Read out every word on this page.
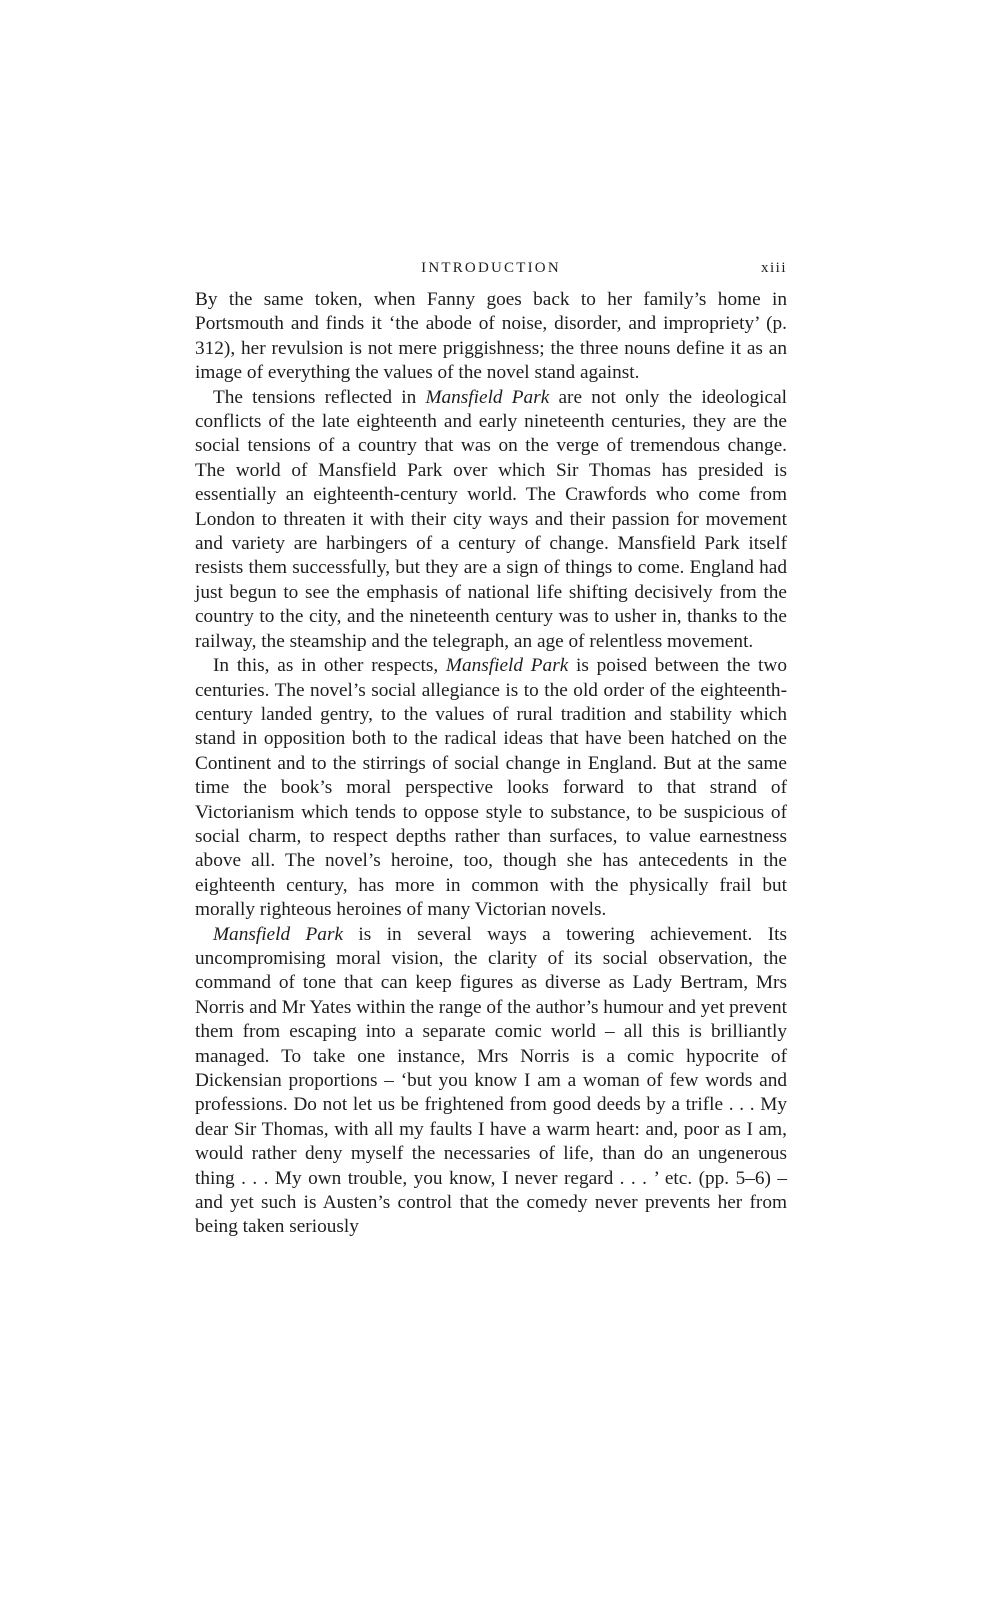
INTRODUCTION	xiii

By the same token, when Fanny goes back to her family’s home in Portsmouth and finds it ‘the abode of noise, disorder, and impropriety’ (p. 312), her revulsion is not mere priggishness; the three nouns define it as an image of everything the values of the novel stand against.

The tensions reflected in Mansfield Park are not only the ideological conflicts of the late eighteenth and early nineteenth centuries, they are the social tensions of a country that was on the verge of tremendous change. The world of Mansfield Park over which Sir Thomas has presided is essentially an eighteenth-century world. The Crawfords who come from London to threaten it with their city ways and their passion for movement and variety are harbingers of a century of change. Mansfield Park itself resists them successfully, but they are a sign of things to come. England had just begun to see the emphasis of national life shifting decisively from the country to the city, and the nineteenth century was to usher in, thanks to the railway, the steamship and the telegraph, an age of relentless movement.

In this, as in other respects, Mansfield Park is poised between the two centuries. The novel’s social allegiance is to the old order of the eighteenth-century landed gentry, to the values of rural tradition and stability which stand in opposition both to the radical ideas that have been hatched on the Continent and to the stirrings of social change in England. But at the same time the book’s moral perspective looks forward to that strand of Victorianism which tends to oppose style to substance, to be suspicious of social charm, to respect depths rather than surfaces, to value earnestness above all. The novel’s heroine, too, though she has antecedents in the eighteenth century, has more in common with the physically frail but morally righteous heroines of many Victorian novels.

Mansfield Park is in several ways a towering achievement. Its uncompromising moral vision, the clarity of its social observation, the command of tone that can keep figures as diverse as Lady Bertram, Mrs Norris and Mr Yates within the range of the author’s humour and yet prevent them from escaping into a separate comic world – all this is brilliantly managed. To take one instance, Mrs Norris is a comic hypocrite of Dickensian proportions – ‘but you know I am a woman of few words and professions. Do not let us be frightened from good deeds by a trifle . . . My dear Sir Thomas, with all my faults I have a warm heart: and, poor as I am, would rather deny myself the necessaries of life, than do an ungenerous thing . . . My own trouble, you know, I never regard . . . ’ etc. (pp. 5–6) – and yet such is Austen’s control that the comedy never prevents her from being taken seriously
